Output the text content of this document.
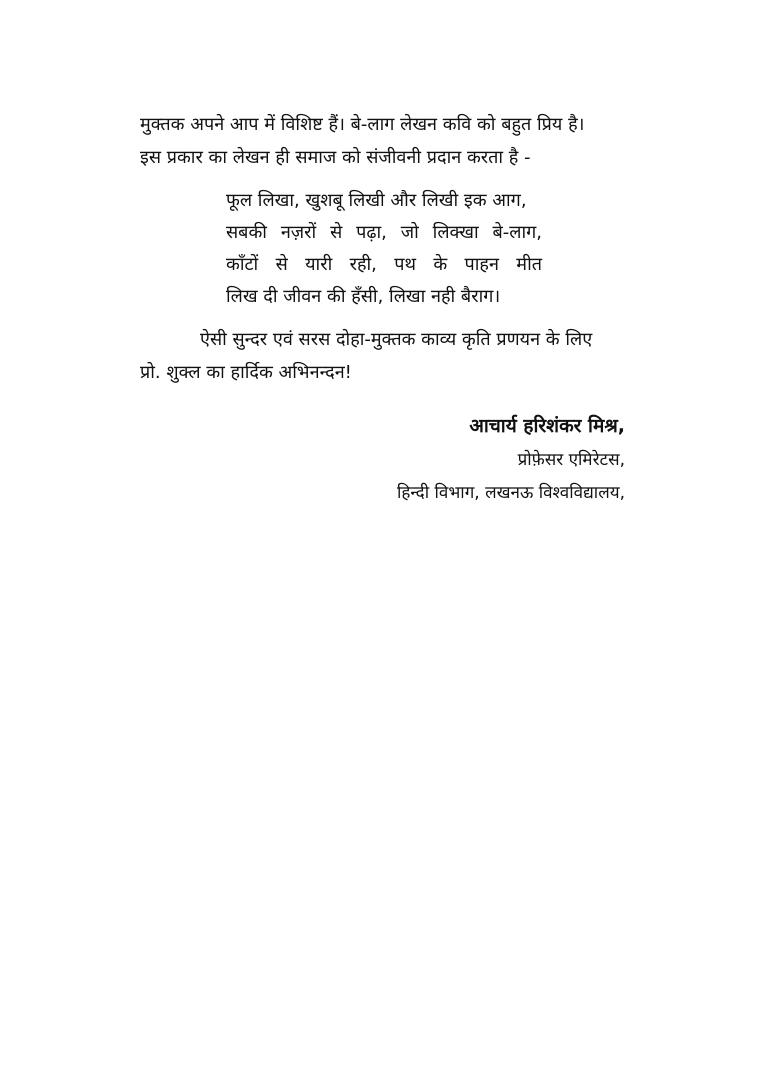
मुक्तक अपने आप में विशिष्ट हैं। बे-लाग लेखन कवि को बहुत प्रिय है।
इस प्रकार का लेखन ही समाज को संजीवनी प्रदान करता है -
फूल लिखा, खुशबू लिखी और लिखी इक आग,
सबकी नज़रों से पढ़ा, जो लिक्खा बे-लाग,
काँटों से यारी रही, पथ के पाहन मीत
लिख दी जीवन की हँसी, लिखा नही बैराग।
ऐसी सुन्दर एवं सरस दोहा-मुक्तक काव्य कृति प्रणयन के लिए
प्रो. शुक्ल का हार्दिक अभिनन्दन!
आचार्य हरिशंकर मिश्र,
प्रोफ़ेसर एमिरेटस,
हिन्दी विभाग, लखनऊ विश्वविद्यालय,
